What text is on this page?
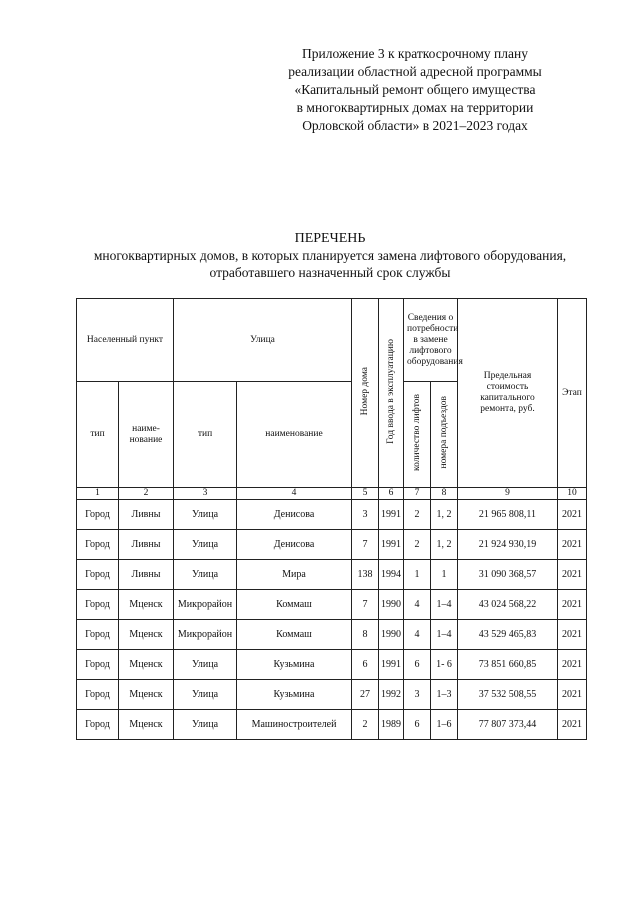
Приложение 3 к краткосрочному плану
реализации областной адресной программы
«Капитальный ремонт общего имущества
в многоквартирных домах на территории
Орловской области» в 2021–2023 годах
ПЕРЕЧЕНЬ
многоквартирных домов, в которых планируется замена лифтового оборудования,
отработавшего назначенный срок службы
Населенный пункт		Улица		Номер дома	Год ввода в эксплуатацию	Сведения о потребности в замене лифтового оборудования		Предельная стоимость капитального ремонта, руб.	Этап
тип	наиме-нование	тип	наименование			количество лифтов	номера подъездов		
1	2	3	4	5	6	7	8	9	10
Город	Ливны	Улица	Денисова	3	1991	2	1, 2	21 965 808,11	2021
Город	Ливны	Улица	Денисова	7	1991	2	1, 2	21 924 930,19	2021
Город	Ливны	Улица	Мира	138	1994	1	1	31 090 368,57	2021
Город	Мценск	Микрорайон	Коммаш	7	1990	4	1–4	43 024 568,22	2021
Город	Мценск	Микрорайон	Коммаш	8	1990	4	1–4	43 529 465,83	2021
Город	Мценск	Улица	Кузьмина	6	1991	6	1- 6	73 851 660,85	2021
Город	Мценск	Улица	Кузьмина	27	1992	3	1–3	37 532 508,55	2021
Город	Мценск	Улица	Машиностроителей	2	1989	6	1–6	77 807 373,44	2021
